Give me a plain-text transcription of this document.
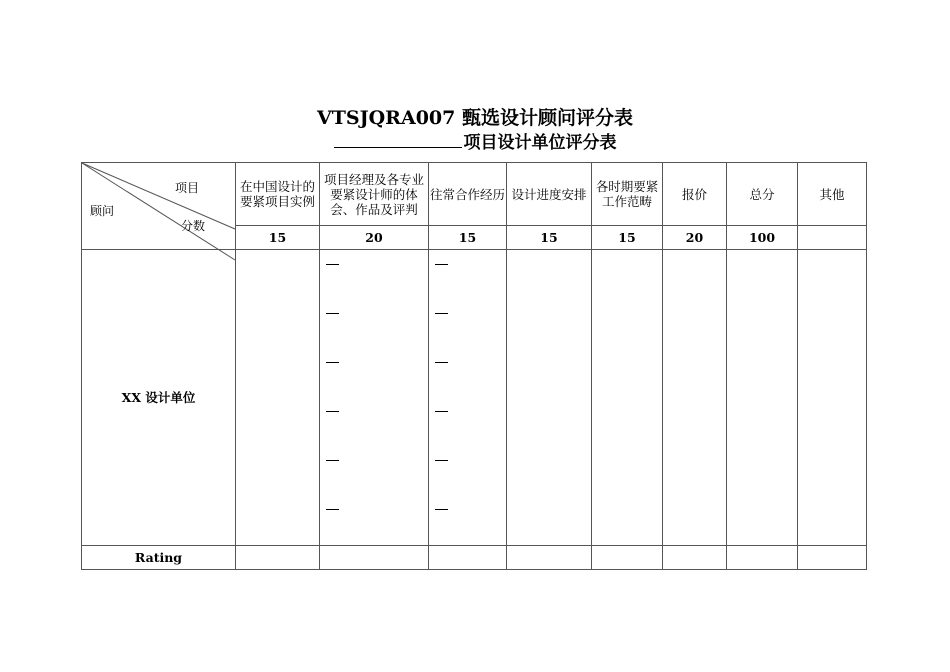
VTSJQRA007 甄选设计顾问评分表
项目设计单位评分表
项目
顾问
分数	在中国设计的要紧项目实例	项目经理及各专业要紧设计师的体会、作品及评判	往常合作经历	设计进度安排	各时期要紧工作范畴	报价	总分	其他
	15	20	15	15	15	20	100	
XX 设计单位		

Rating								
